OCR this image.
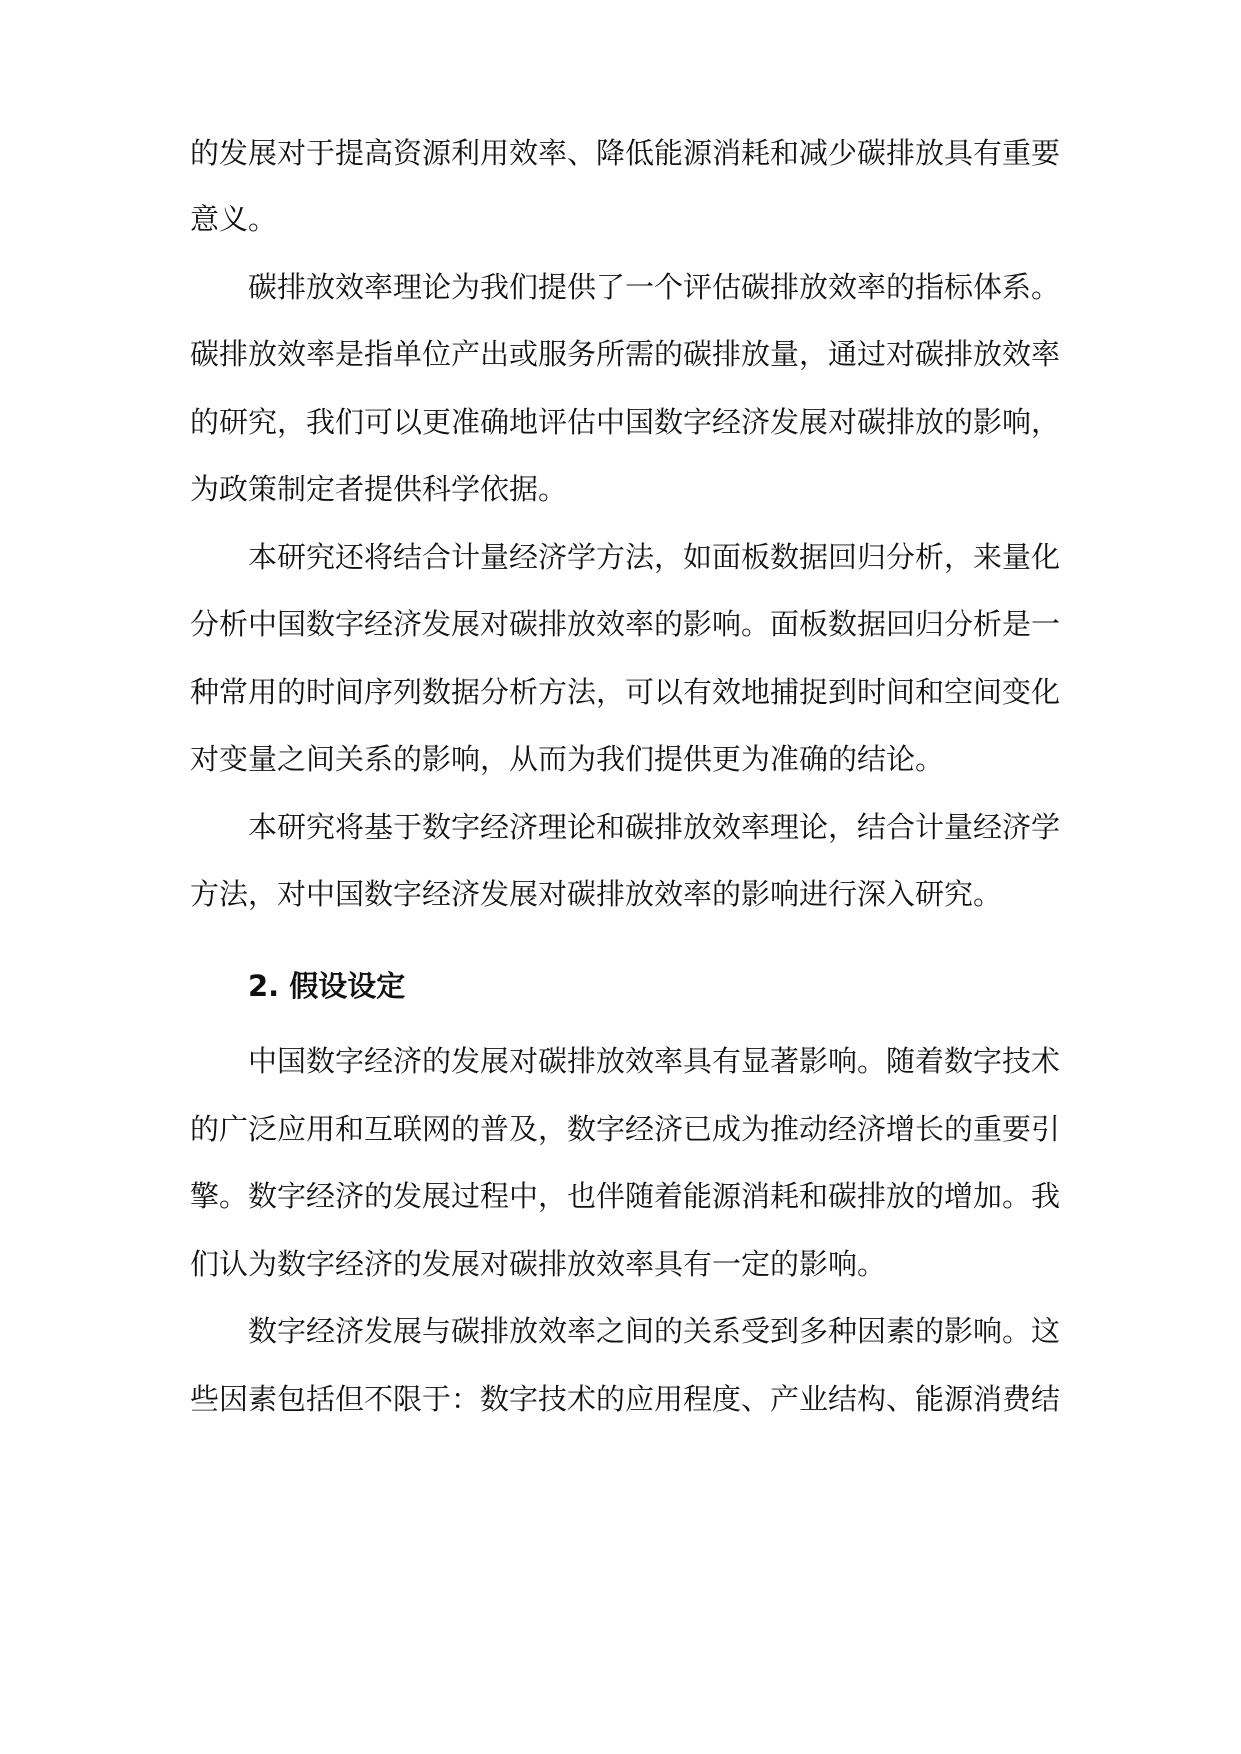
的发展对于提高资源利用效率、降低能源消耗和减少碳排放具有重要
意义。
碳排放效率理论为我们提供了一个评估碳排放效率的指标体系。
碳排放效率是指单位产出或服务所需的碳排放量，通过对碳排放效率
的研究，我们可以更准确地评估中国数字经济发展对碳排放的影响，
为政策制定者提供科学依据。
本研究还将结合计量经济学方法，如面板数据回归分析，来量化
分析中国数字经济发展对碳排放效率的影响。面板数据回归分析是一
种常用的时间序列数据分析方法，可以有效地捕捉到时间和空间变化
对变量之间关系的影响，从而为我们提供更为准确的结论。
本研究将基于数字经济理论和碳排放效率理论，结合计量经济学
方法，对中国数字经济发展对碳排放效率的影响进行深入研究。
2. 假设设定
中国数字经济的发展对碳排放效率具有显著影响。随着数字技术
的广泛应用和互联网的普及，数字经济已成为推动经济增长的重要引
擎。数字经济的发展过程中，也伴随着能源消耗和碳排放的增加。我
们认为数字经济的发展对碳排放效率具有一定的影响。
数字经济发展与碳排放效率之间的关系受到多种因素的影响。这
些因素包括但不限于：数字技术的应用程度、产业结构、能源消费结
